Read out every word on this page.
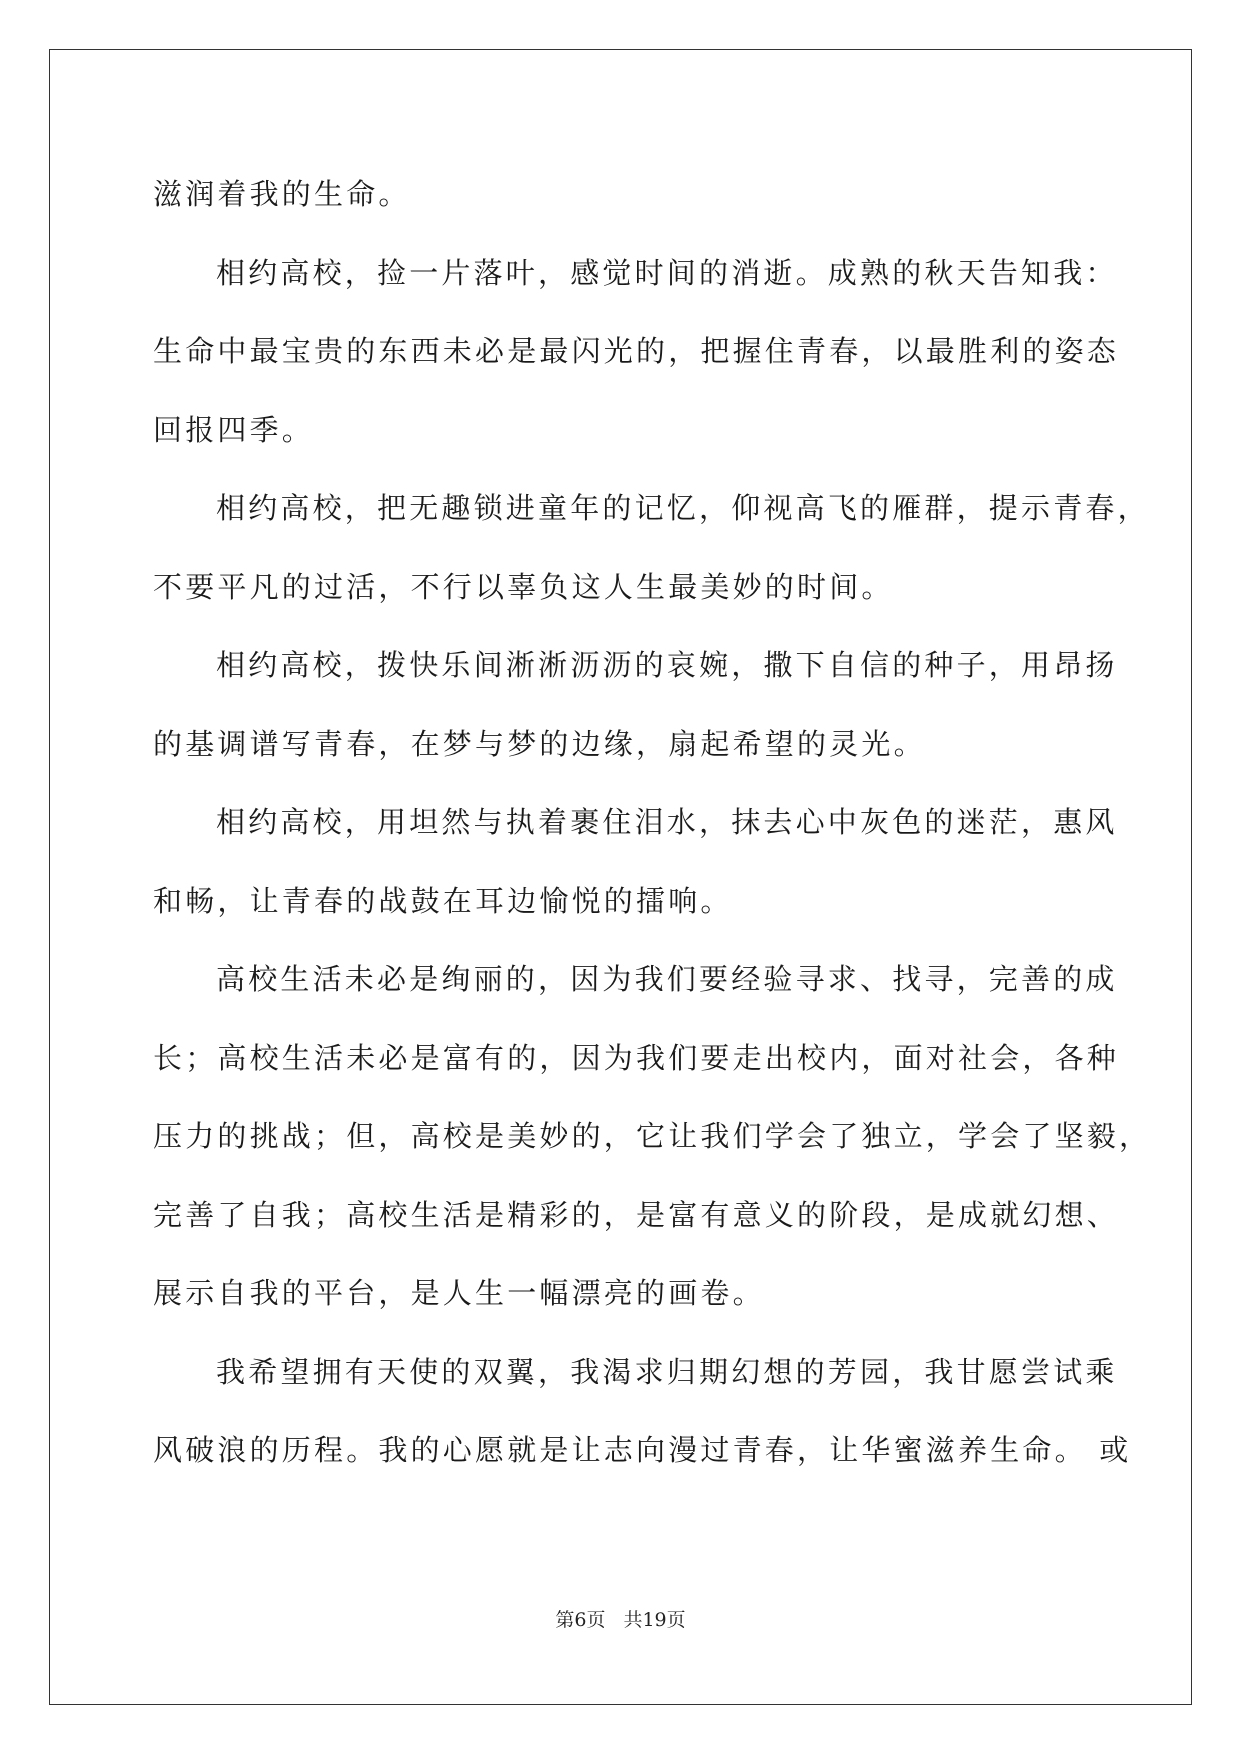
滋润着我的生命。

相约高校，捡一片落叶，感觉时间的消逝。成熟的秋天告知我：

生命中最宝贵的东西未必是最闪光的，把握住青春，以最胜利的姿态

回报四季。

相约高校，把无趣锁进童年的记忆，仰视高飞的雁群，提示青春，

不要平凡的过活，不行以辜负这人生最美妙的时间。

相约高校，拨快乐间淅淅沥沥的哀婉，撒下自信的种子，用昂扬

的基调谱写青春，在梦与梦的边缘，扇起希望的灵光。

相约高校，用坦然与执着裹住泪水，抹去心中灰色的迷茫，惠风

和畅，让青春的战鼓在耳边愉悦的擂响。

高校生活未必是绚丽的，因为我们要经验寻求、找寻，完善的成

长；高校生活未必是富有的，因为我们要走出校内，面对社会，各种

压力的挑战；但，高校是美妙的，它让我们学会了独立，学会了坚毅，

完善了自我；高校生活是精彩的，是富有意义的阶段，是成就幻想、

展示自我的平台，是人生一幅漂亮的画卷。

我希望拥有天使的双翼，我渴求归期幻想的芳园，我甘愿尝试乘

风破浪的历程。我的心愿就是让志向漫过青春，让华蜜滋养生命。 或

第6页 共19页
